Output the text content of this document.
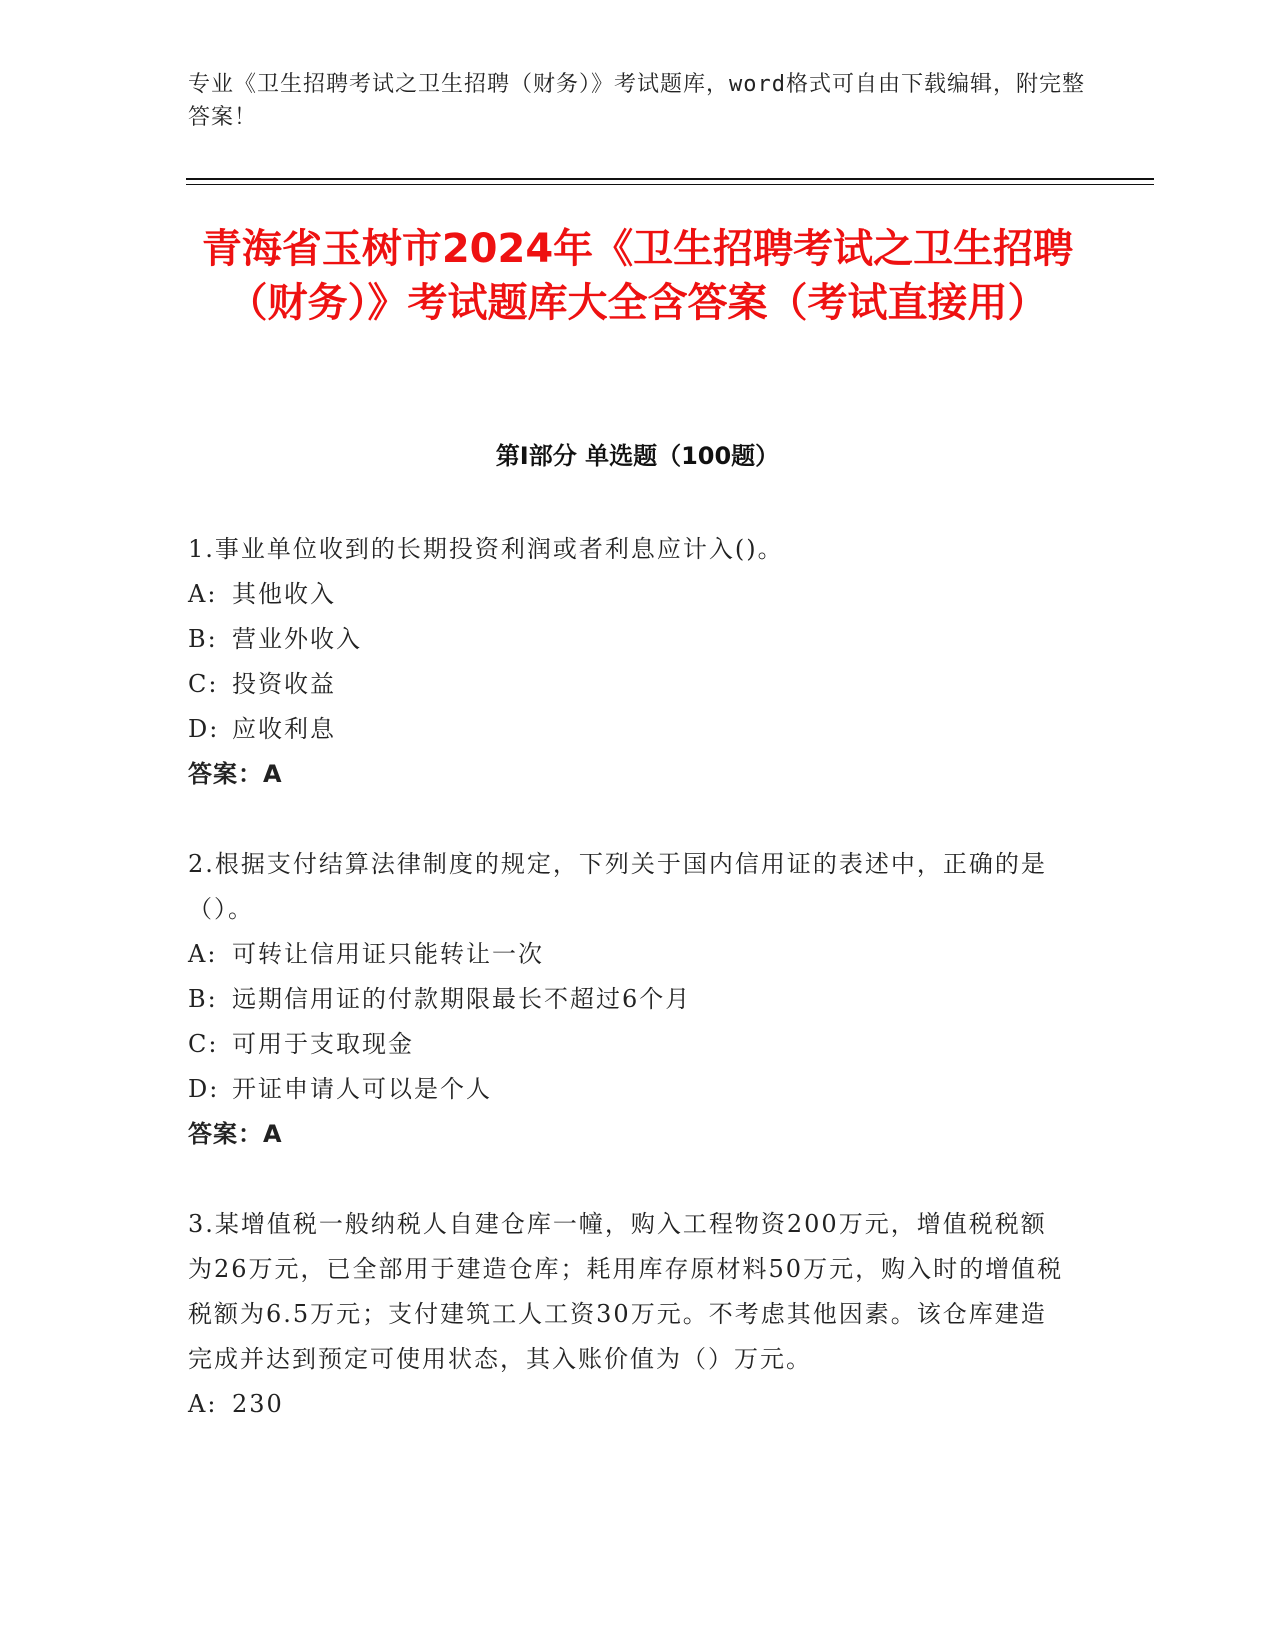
专业《卫生招聘考试之卫生招聘（财务）》考试题库，word格式可自由下载编辑，附完整答案！
青海省玉树市2024年《卫生招聘考试之卫生招聘（财务）》考试题库大全含答案（考试直接用）
第I部分 单选题（100题）
1.事业单位收到的长期投资利润或者利息应计入()。
A: 其他收入
B: 营业外收入
C: 投资收益
D: 应收利息
答案：A
2.根据支付结算法律制度的规定，下列关于国内信用证的表述中，正确的是（）。
A: 可转让信用证只能转让一次
B: 远期信用证的付款期限最长不超过6个月
C: 可用于支取现金
D: 开证申请人可以是个人
答案：A
3.某增值税一般纳税人自建仓库一幢，购入工程物资200万元，增值税税额为26万元，已全部用于建造仓库；耗用库存原材料50万元，购入时的增值税税额为6.5万元；支付建筑工人工资30万元。不考虑其他因素。该仓库建造完成并达到预定可使用状态，其入账价值为（）万元。
A: 230
